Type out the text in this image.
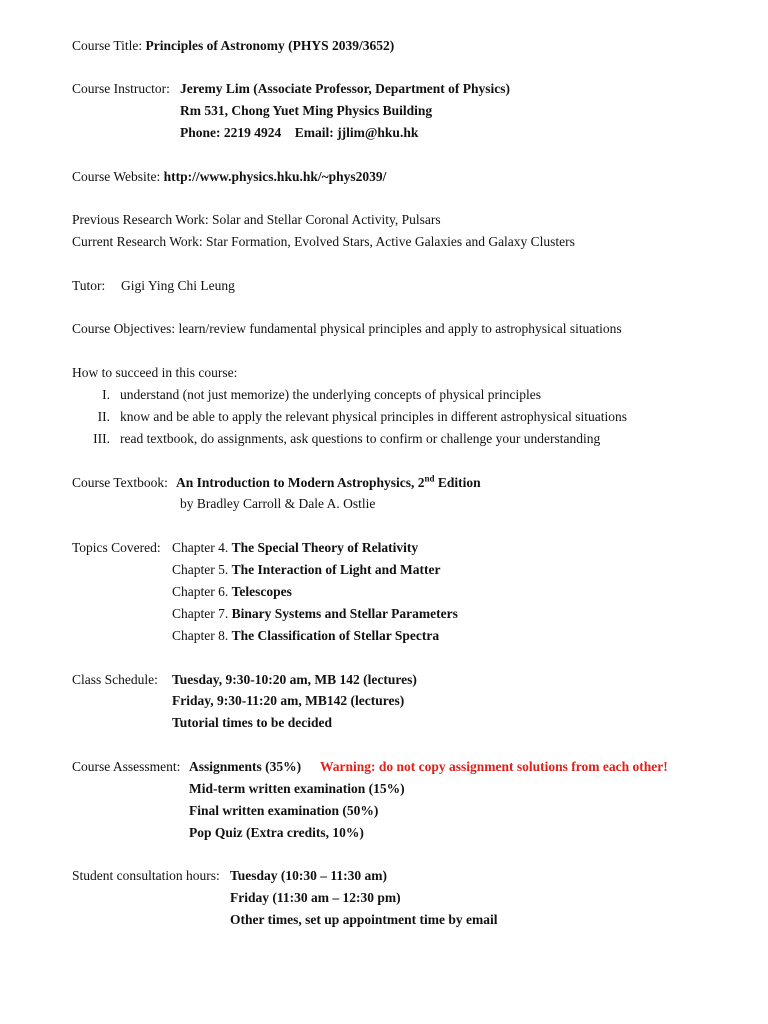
Course Title: Principles of Astronomy (PHYS 2039/3652)
Course Instructor: Jeremy Lim (Associate Professor, Department of Physics)
Rm 531, Chong Yuet Ming Physics Building
Phone: 2219 4924    Email: jjlim@hku.hk
Course Website: http://www.physics.hku.hk/~phys2039/
Previous Research Work: Solar and Stellar Coronal Activity, Pulsars
Current Research Work: Star Formation, Evolved Stars, Active Galaxies and Galaxy Clusters
Tutor: Gigi Ying Chi Leung
Course Objectives: learn/review fundamental physical principles and apply to astrophysical situations
How to succeed in this course:
I. understand (not just memorize) the underlying concepts of physical principles
II. know and be able to apply the relevant physical principles in different astrophysical situations
III. read textbook, do assignments, ask questions to confirm or challenge your understanding
Course Textbook: An Introduction to Modern Astrophysics, 2nd Edition
by Bradley Carroll & Dale A. Ostlie
Topics Covered: Chapter 4. The Special Theory of Relativity
Chapter 5. The Interaction of Light and Matter
Chapter 6. Telescopes
Chapter 7. Binary Systems and Stellar Parameters
Chapter 8. The Classification of Stellar Spectra
Class Schedule: Tuesday, 9:30-10:20 am, MB 142 (lectures)
Friday, 9:30-11:20 am, MB142 (lectures)
Tutorial times to be decided
Course Assessment: Assignments (35%) Warning: do not copy assignment solutions from each other!
Mid-term written examination (15%)
Final written examination (50%)
Pop Quiz (Extra credits, 10%)
Student consultation hours: Tuesday (10:30 – 11:30 am)
Friday (11:30 am – 12:30 pm)
Other times, set up appointment time by email
